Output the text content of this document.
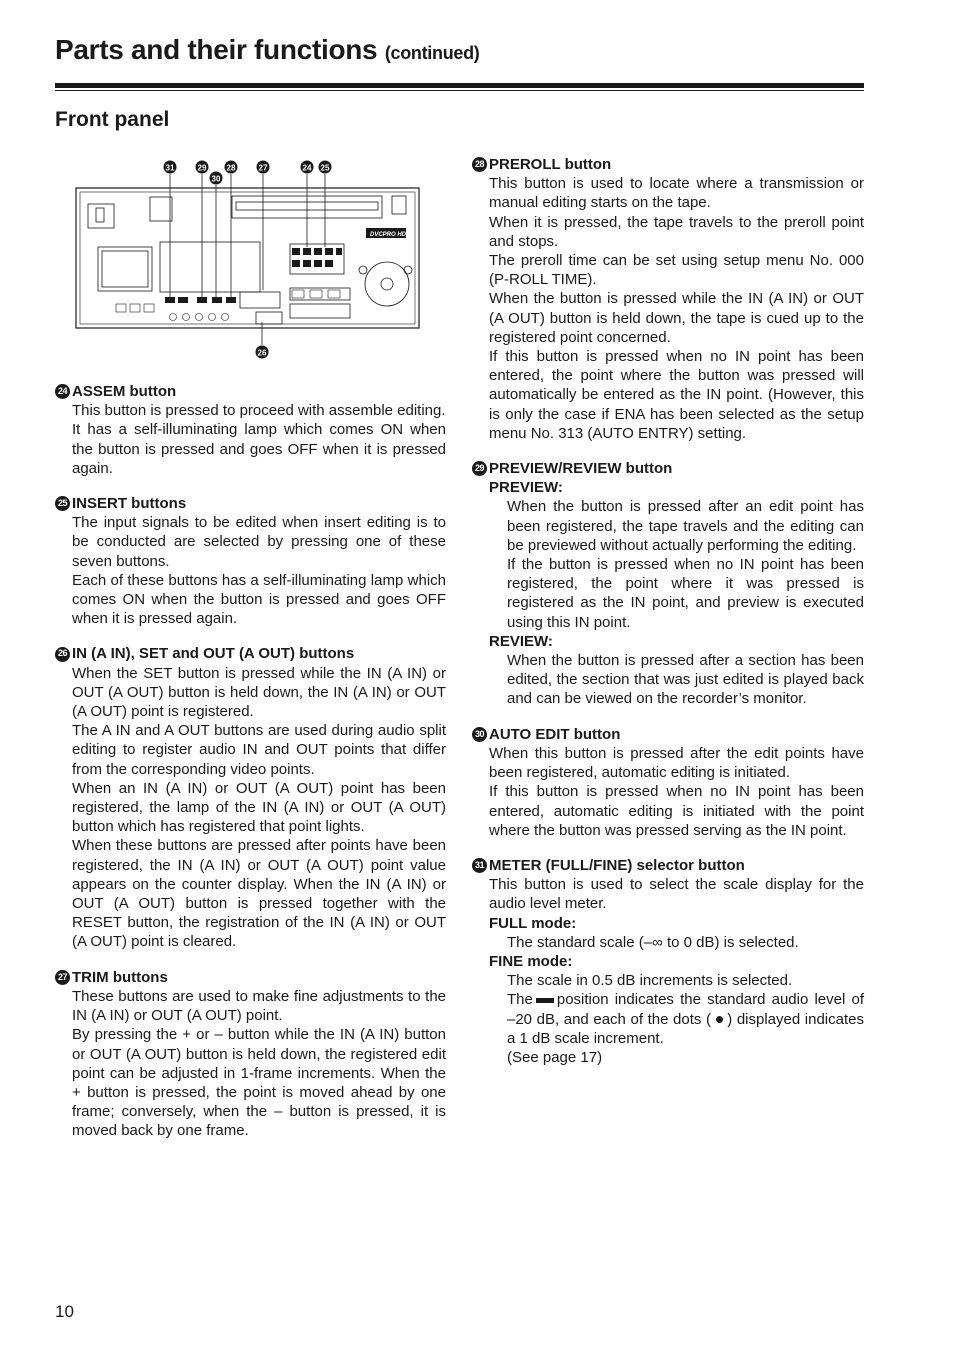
Parts and their functions (continued)
Front panel
31	29
30
28	27	24 25
26
DVCPRO HD
24 ASSEM button

This button is pressed to proceed with assemble editing.

It has a self-illuminating lamp which comes ON when the button is pressed and goes OFF when it is pressed again.

25 INSERT buttons

The input signals to be edited when insert editing is to be conducted are selected by pressing one of these seven buttons.

Each of these buttons has a self-illuminating lamp which comes ON when the button is pressed and goes OFF when it is pressed again.

26 IN (A IN), SET and OUT (A OUT) buttons

When the SET button is pressed while the IN (A IN) or OUT (A OUT) button is held down, the IN (A IN) or OUT (A OUT) point is registered.

The A IN and A OUT buttons are used during audio split editing to register audio IN and OUT points that differ from the corresponding video points.

When an IN (A IN) or OUT (A OUT) point has been registered, the lamp of the IN (A IN) or OUT (A OUT) button which has registered that point lights.

When these buttons are pressed after points have been registered, the IN (A IN) or OUT (A OUT) point value appears on the counter display. When the IN (A IN) or OUT (A OUT) button is pressed together with the RESET button, the registration of the IN (A IN) or OUT (A OUT) point is cleared.

27 TRIM buttons

These buttons are used to make fine adjustments to the IN (A IN) or OUT (A OUT) point.

By pressing the + or – button while the IN (A IN) button or OUT (A OUT) button is held down, the registered edit point can be adjusted in 1-frame increments. When the + button is pressed, the point is moved ahead by one frame; conversely, when the – button is pressed, it is moved back by one frame.

28 PREROLL button

This button is used to locate where a transmission or manual editing starts on the tape.

When it is pressed, the tape travels to the preroll point and stops.

The preroll time can be set using setup menu No. 000 (P-ROLL TIME).

When the button is pressed while the IN (A IN) or OUT (A OUT) button is held down, the tape is cued up to the registered point concerned.

If this button is pressed when no IN point has been entered, the point where the button was pressed will automatically be entered as the IN point. (However, this is only the case if ENA has been selected as the setup menu No. 313 (AUTO ENTRY) setting.

29 PREVIEW/REVIEW button
PREVIEW:

When the button is pressed after an edit point has been registered, the tape travels and the editing can be previewed without actually performing the editing.

If the button is pressed when no IN point has been registered, the point where it was pressed is registered as the IN point, and preview is executed using this IN point.

REVIEW:

When the button is pressed after a section has been edited, the section that was just edited is played back and can be viewed on the recorder’s monitor.

30 AUTO EDIT button

When this button is pressed after the edit points have been registered, automatic editing is initiated.

If this button is pressed when no IN point has been entered, automatic editing is initiated with the point where the button was pressed serving as the IN point.

31 METER (FULL/FINE) selector button

This button is used to select the scale display for the audio level meter.

FULL mode:

The standard scale (–∞ to 0 dB) is selected.

FINE mode:

The scale in 0.5 dB increments is selected.

The position indicates the standard audio level of –20 dB, and each of the dots ( ) displayed indicates a 1 dB scale increment.

(See page 17)

10
